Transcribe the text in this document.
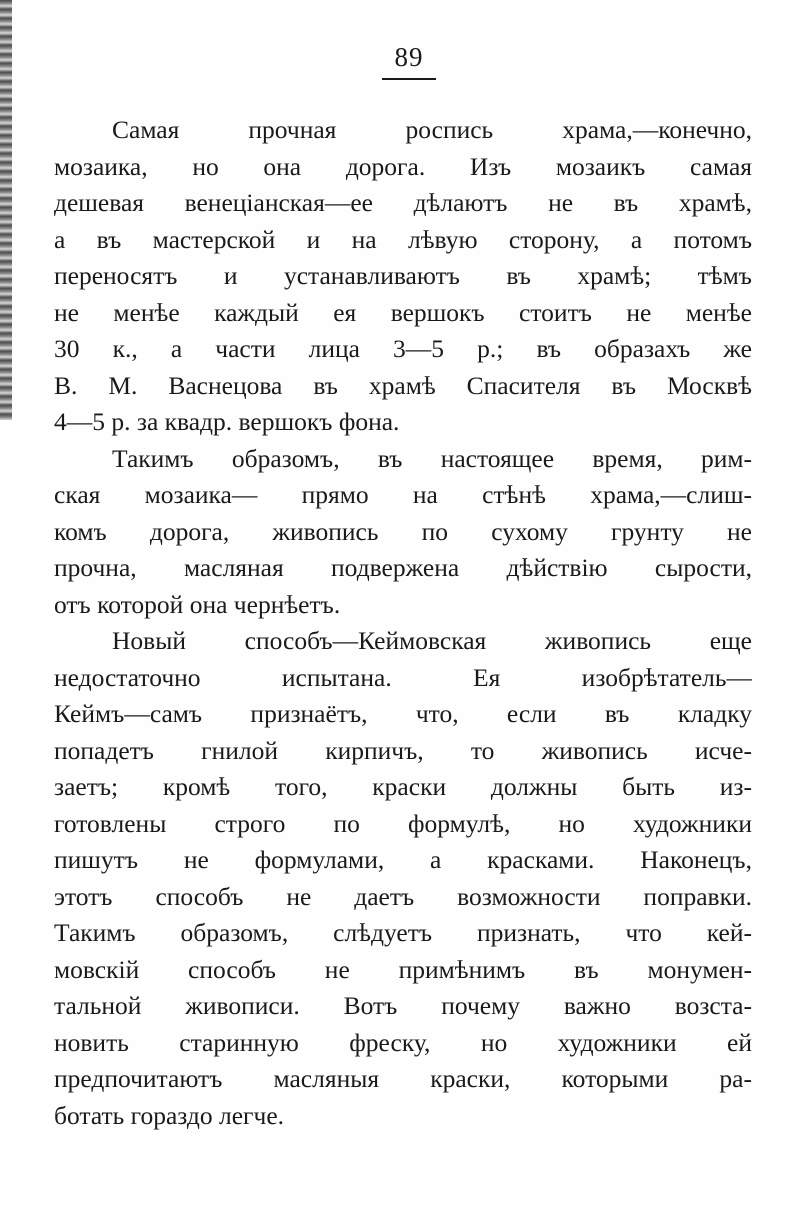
89
Самая прочная роспись храма,—конечно,
мозаика, но она дорога. Изъ мозаикъ самая
дешевая венеціанская—ее дѣлаютъ не въ храмѣ,
а въ мастерской и на лѣвую сторону, а потомъ
переносятъ и устанавливаютъ въ храмѣ; тѣмъ
не менѣе каждый ея вершокъ стоитъ не менѣе
30 к., а части лица 3—5 р.; въ образахъ же
В. М. Васнецова въ храмѣ Спасителя въ Москвѣ
4—5 р. за квадр. вершокъ фона.
Такимъ образомъ, въ настоящее время, рим-
ская мозаика— прямо на стѣнѣ храма,—слиш-
комъ дорога, живопись по сухому грунту не
прочна, масляная подвержена дѣйствію сырости,
отъ которой она чернѣетъ.
Новый способъ—Кеймовская живопись еще
недостаточно испытана. Ея изобрѣтатель—
Кеймъ—самъ признаётъ, что, если въ кладку
попадетъ гнилой кирпичъ, то живопись исче-
заетъ; кромѣ того, краски должны быть из-
готовлены строго по формулѣ, но художники
пишутъ не формулами, а красками. Наконецъ,
этотъ способъ не даетъ возможности поправки.
Такимъ образомъ, слѣдуетъ признать, что кей-
мовскій способъ не примѣнимъ въ монумен-
тальной живописи. Вотъ почему важно возста-
новить старинную фреску, но художники ей
предпочитаютъ масляныя краски, которыми ра-
ботать гораздо легче.
